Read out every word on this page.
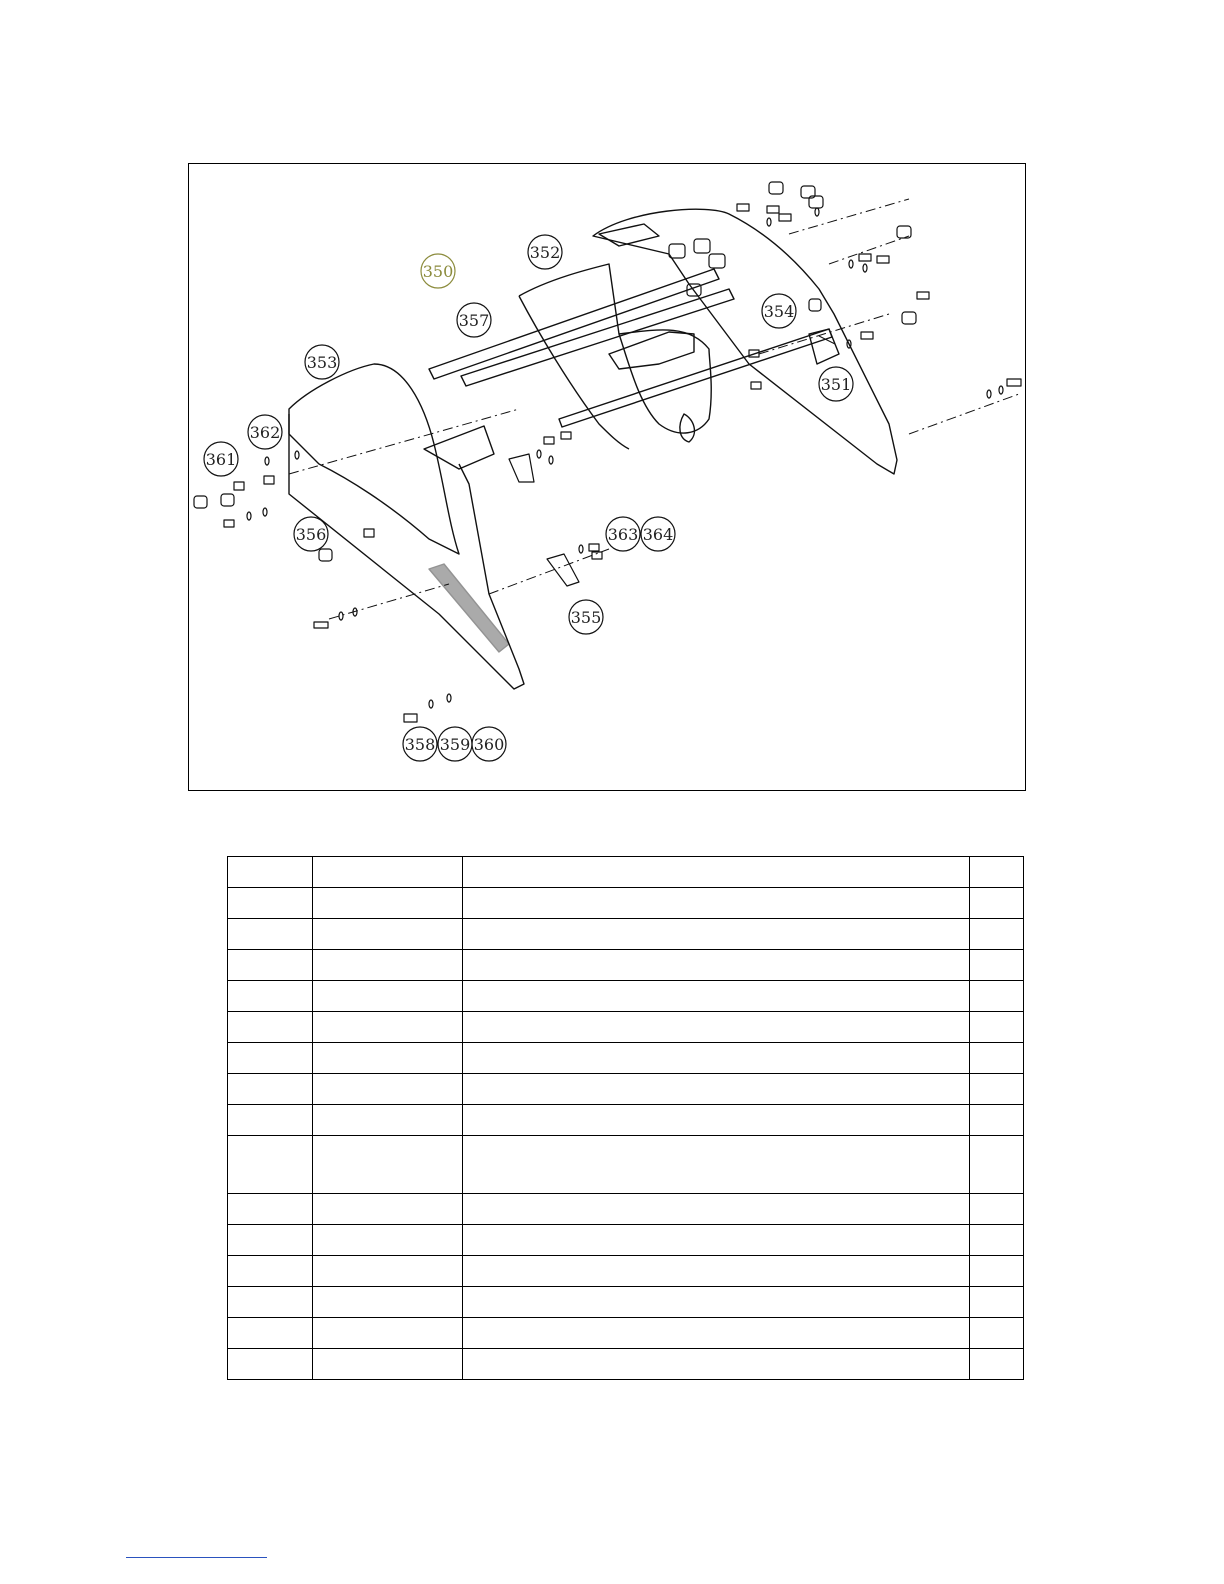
350
351
352
353
354
355
356
357
358 359 360
361
362
363 364
